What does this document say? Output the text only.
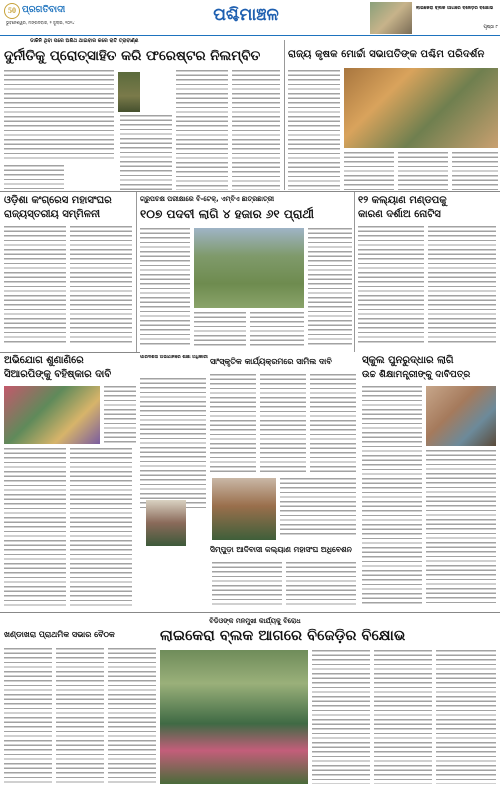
50 ପ୍ରଗତିବାଦୀ
ଭୁବନେଶ୍ୱର, ମଙ୍ଗଳବାର, ୨ ଜୁଲାଇ, ୨୦୨୪	ପଶ୍ଚିମାଞ୍ଚଳ	ଲାଇକେରା ବ୍ଲକ ଆଗରେ ବିଜେଡ଼ିର ବିକ୍ଷୋଭ
ପୃଷ୍ଠା ୮
ଡାକିନି ଥିବା ପରେ ଅଶିଥ ଥାଇବାର କରେ ରାତି ତ୍ରାବୀର୍ଣ୍ଣ
ଦୁର୍ନୀତିକୁ ପ୍ରୋତ୍ସାହିତ କରି ଫରେଷ୍ଟର ନିଲମ୍ବିତ	ରାଜ୍ୟ କୃଷକ ମୋର୍ଚ୍ଚା ସଭାପତିଙ୍କ ପଶ୍ଚିମ ପରିଦର୍ଶନ
ଓଡ଼ିଶା କଂଗ୍ରେସ ମହାସଂଘର
ରାଜ୍ୟସ୍ତରୀୟ ସମ୍ମିଳନୀ
ଗ୍ରୁପଚକ୍ଷ ପରୀକ୍ଷାରେ ବି-ଟେକ୍, ଏମ୍‌ବିଏ ଛାତ୍ରଛାତ୍ରୀ
୧୦୭ ପଦବୀ ଲାଗି ୪ ହଜାର ୬୧ ପ୍ରାର୍ଥୀ
୧୨ କଲ୍ୟାଣ ମଣ୍ଡପକୁ
କାରଣ ଦର୍ଶାଅ ନୋଟିସ
ଅଭିଯୋଗ ଶୁଣାଣିରେ
ସିଆରପିଙ୍କୁ ବହିଷ୍କାର ଦାବି
ପାରଦର୍ଶିତା ଅଭିଯାନରେ ଶିକ୍ଷା ଅଧିକାରୀ ସାଂସ୍କୃତିକ କାର୍ଯ୍ୟକ୍ରମରେ ସାମିଲ ଦାବି	ସ୍କୁଲ ପୁନରୁଦ୍ଧାର ଲାଗି
ଉଚ୍ଚ ଶିକ୍ଷାମନ୍ତ୍ରୀଙ୍କୁ ଦାବିପତ୍ର
ସିମ୍ପୁଡ଼ା ଆଦିବାସୀ କଲ୍ୟାଣ ମହାସଂଘ ଅଧିବେଶନ
ବିଡିଓଙ୍କ ମନମୁଖୀ କାର୍ଯ୍ୟକୁ ବିରୋଧ
ଖଣ୍ଡାଖରା ପ୍ରାଥମିକ ସଭାର ବୈଠକ	ଲାଇକେରା ବ୍ଲକ ଆଗରେ ବିଜେଡ଼ିର ବିକ୍ଷୋଭ
